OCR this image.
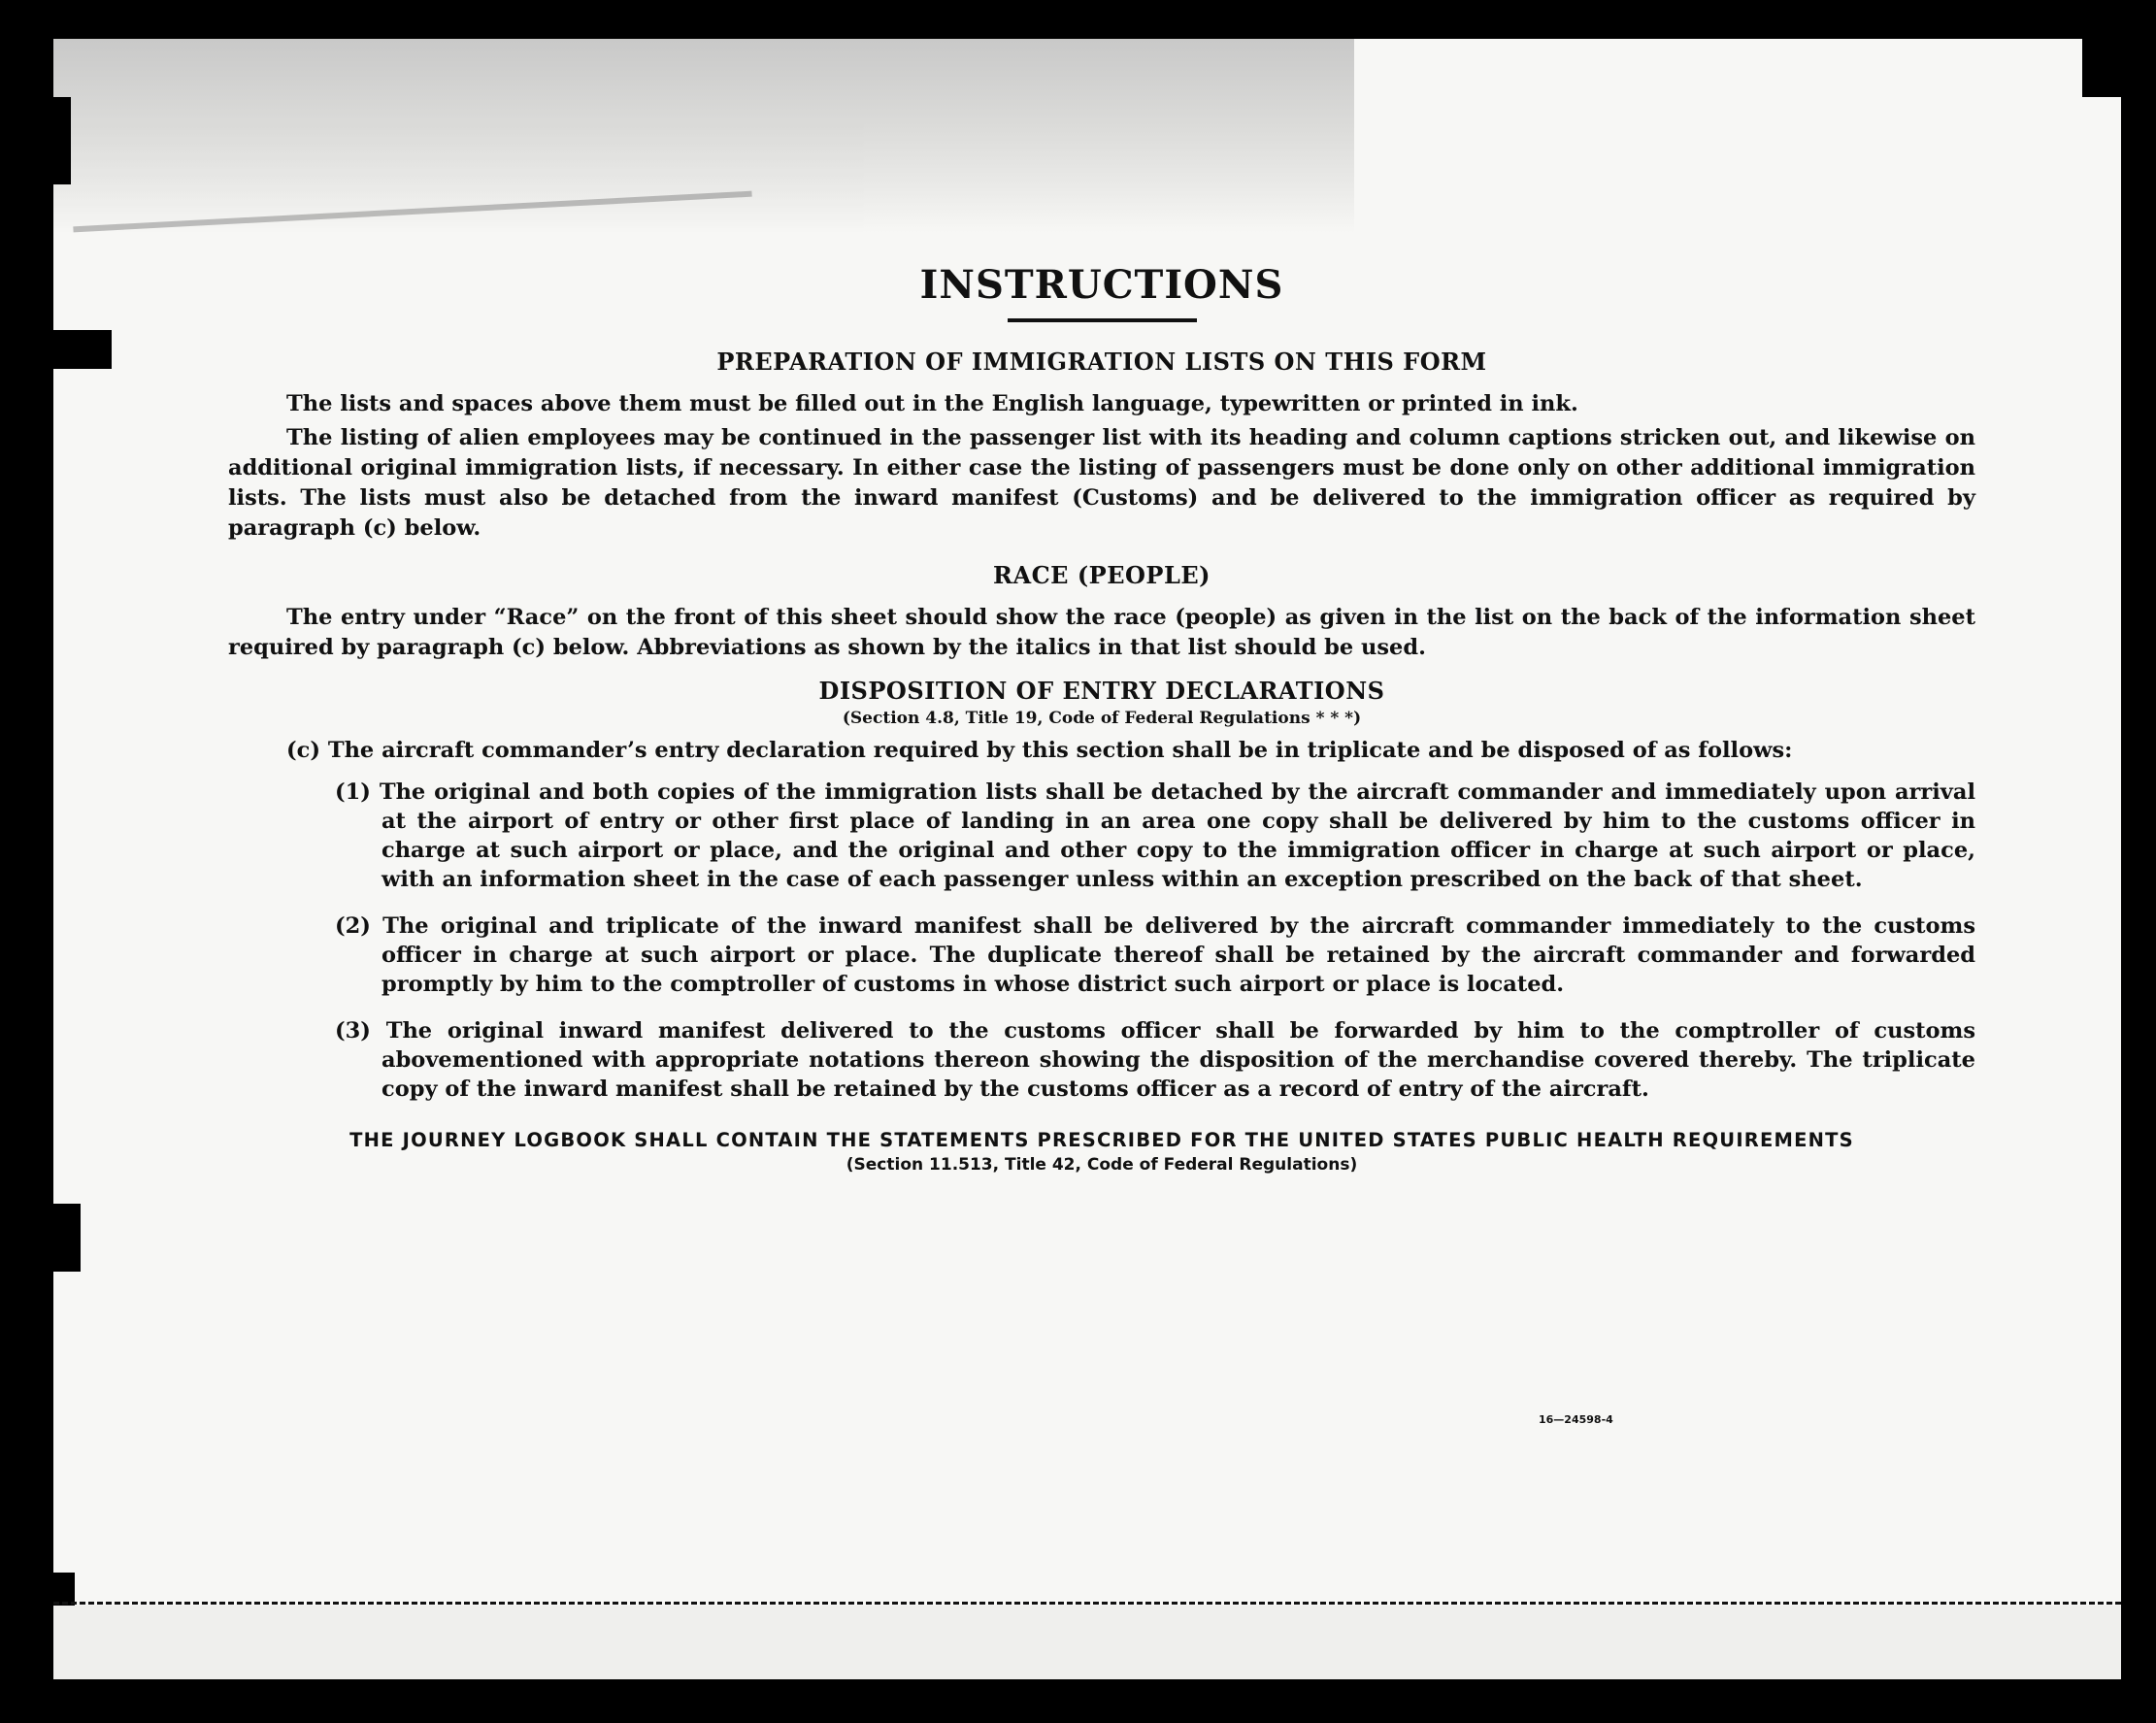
INSTRUCTIONS
PREPARATION OF IMMIGRATION LISTS ON THIS FORM

The lists and spaces above them must be filled out in the English language, typewritten or printed in ink.

The listing of alien employees may be continued in the passenger list with its heading and column captions stricken out, and likewise on additional original immigration lists, if necessary. In either case the listing of passengers must be done only on other additional immigration lists. The lists must also be detached from the inward manifest (Customs) and be delivered to the immigration officer as required by paragraph (c) below.

RACE (PEOPLE)

The entry under “Race” on the front of this sheet should show the race (people) as given in the list on the back of the information sheet required by paragraph (c) below. Abbreviations as shown by the italics in that list should be used.

DISPOSITION OF ENTRY DECLARATIONS
(Section 4.8, Title 19, Code of Federal Regulations * * *)

(c) The aircraft commander’s entry declaration required by this section shall be in triplicate and be disposed of as follows:

(1) The original and both copies of the immigration lists shall be detached by the aircraft commander and immediately upon arrival at the airport of entry or other first place of landing in an area one copy shall be delivered by him to the customs officer in charge at such airport or place, and the original and other copy to the immigration officer in charge at such airport or place, with an information sheet in the case of each passenger unless within an exception prescribed on the back of that sheet.
(2) The original and triplicate of the inward manifest shall be delivered by the aircraft commander immediately to the customs officer in charge at such airport or place. The duplicate thereof shall be retained by the aircraft commander and forwarded promptly by him to the comptroller of customs in whose district such airport or place is located.
(3) The original inward manifest delivered to the customs officer shall be forwarded by him to the comptroller of customs abovementioned with appropriate notations thereon showing the disposition of the merchandise covered thereby. The triplicate copy of the inward manifest shall be retained by the customs officer as a record of entry of the aircraft.
THE JOURNEY LOGBOOK SHALL CONTAIN THE STATEMENTS PRESCRIBED FOR THE UNITED STATES PUBLIC HEALTH REQUIREMENTS
(Section 11.513, Title 42, Code of Federal Regulations)
16—24598-4
